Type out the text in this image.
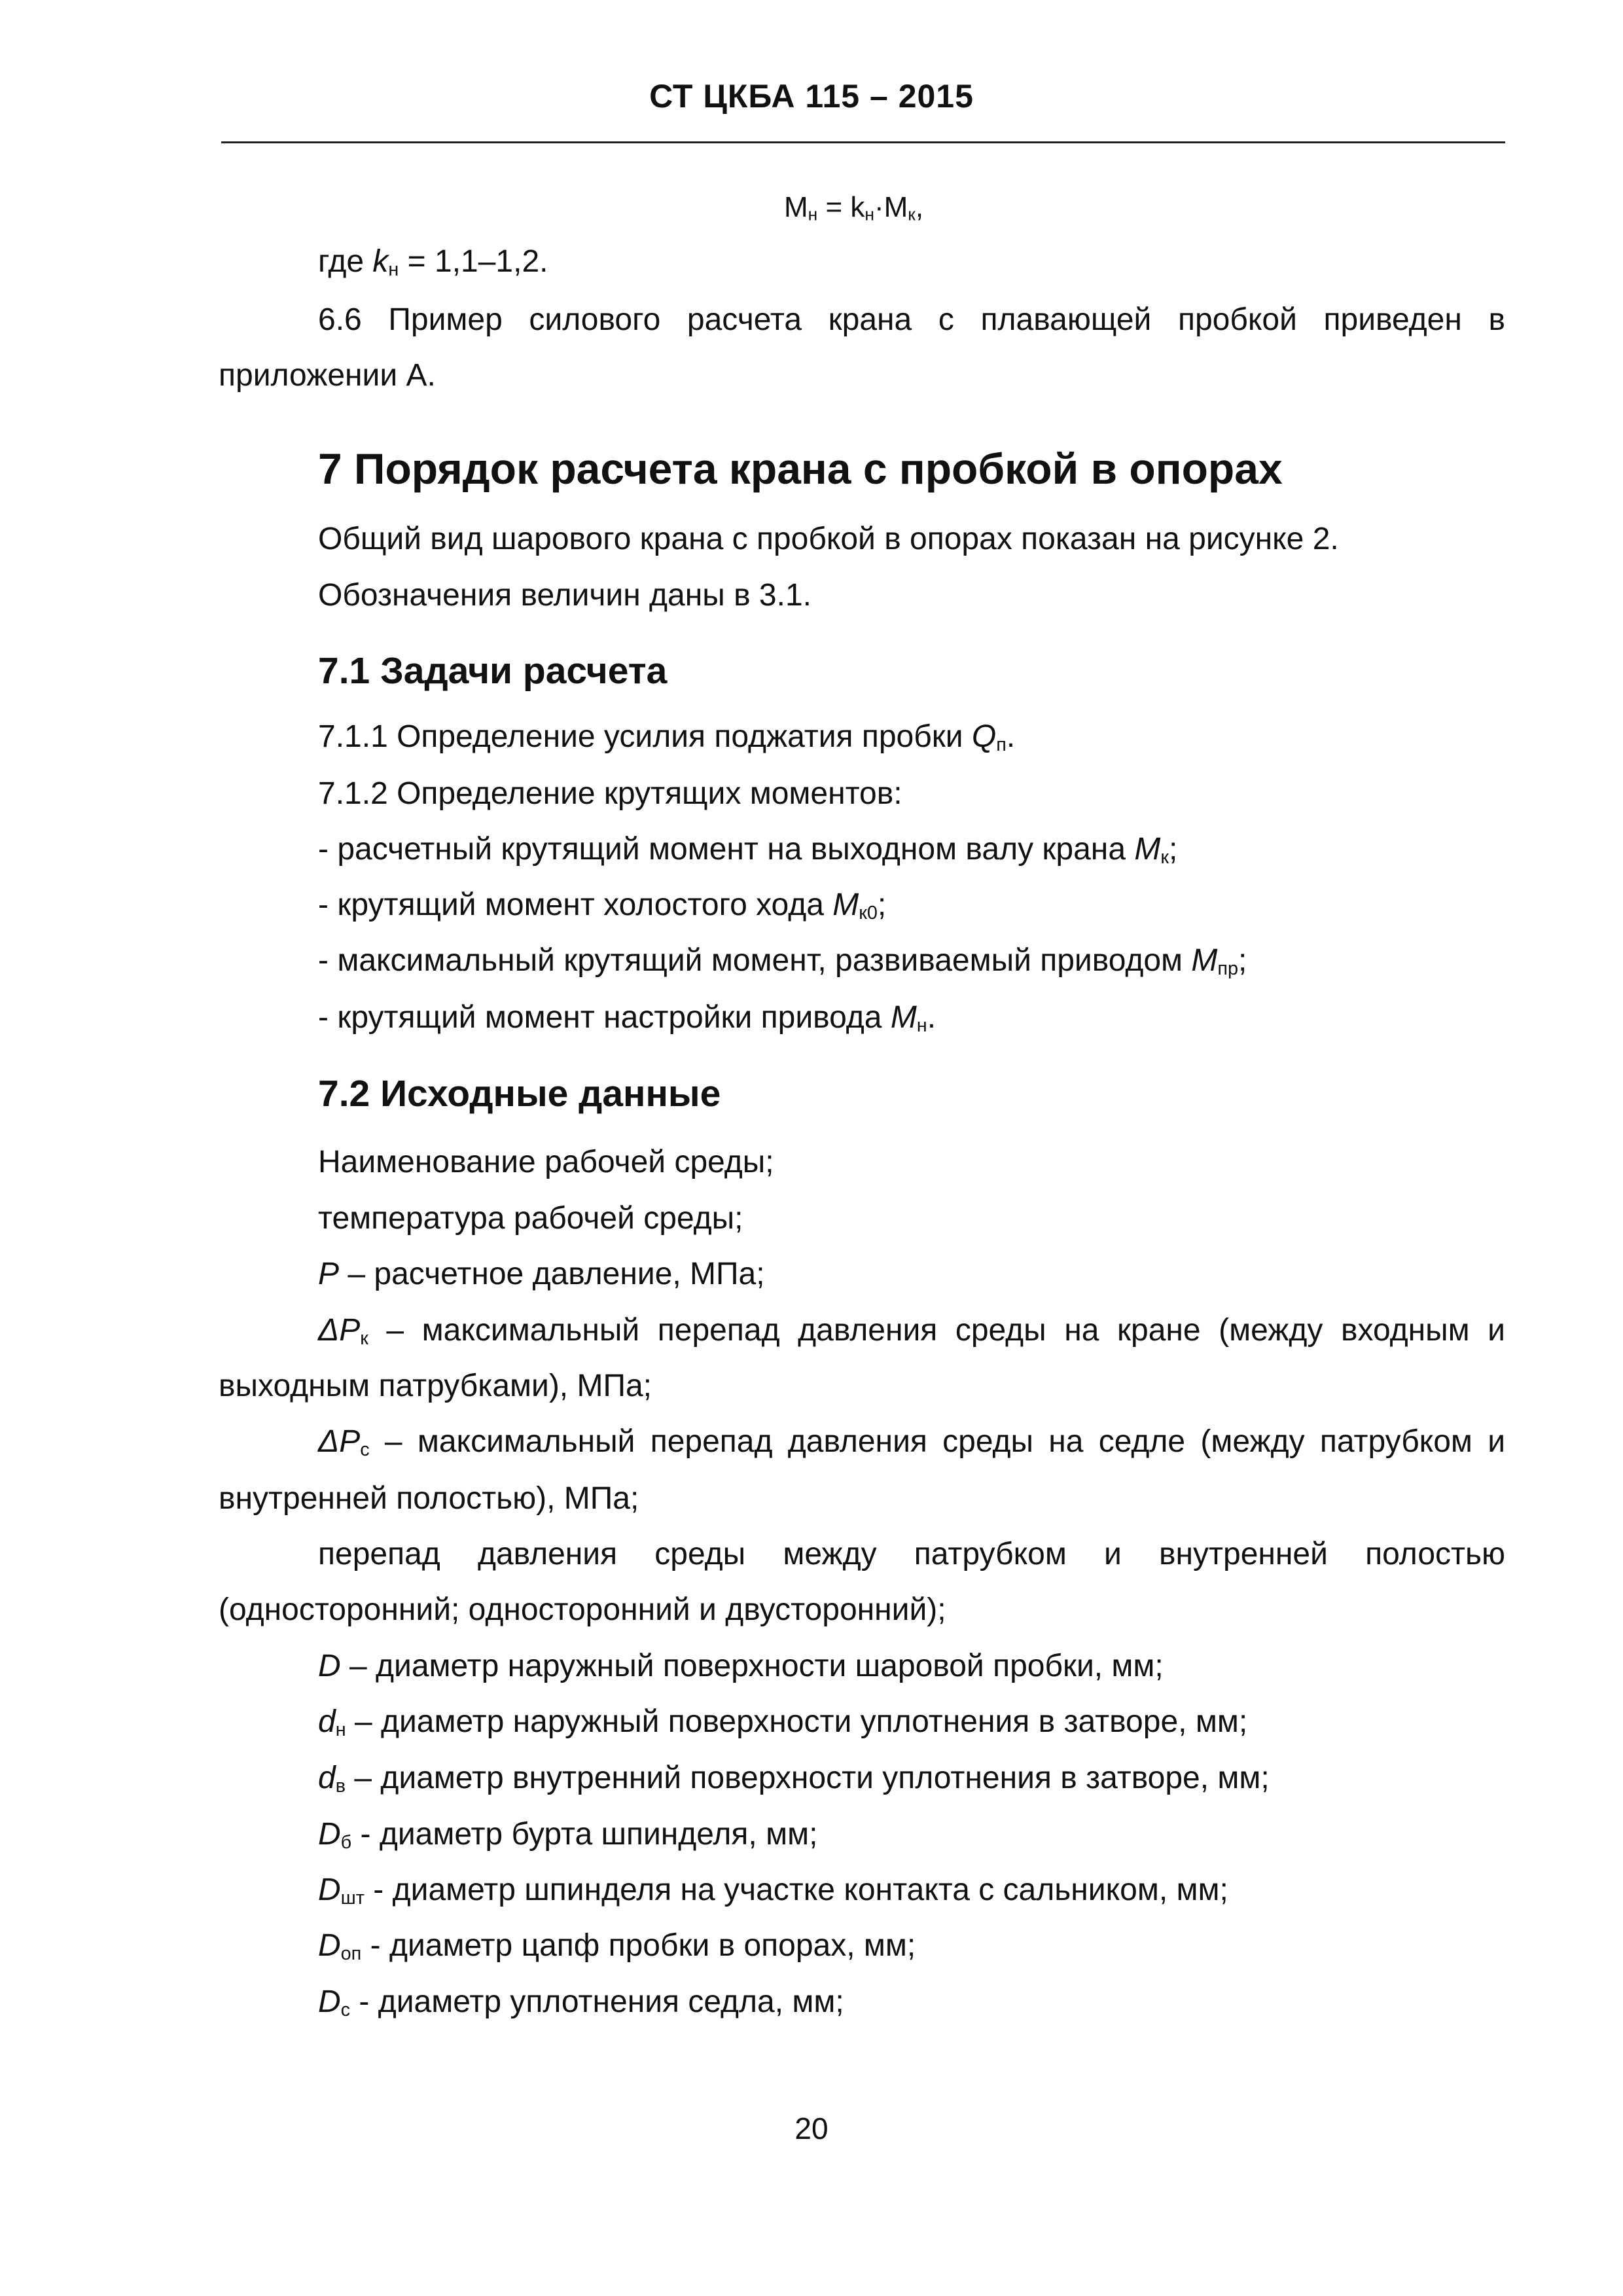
СТ ЦКБА 115 – 2015
$М_н = k_н\cdot М_к$,
где $k_н = 1,1-1,2$.
6.6 Пример силового расчета крана с плавающей пробкой приведен в
приложении А.
7 Порядок расчета крана с пробкой в опорах
Общий вид шарового крана с пробкой в опорах показан на рисунке 2.
Обозначения величин даны в 3.1.
7.1 Задачи расчета
7.1.1 Определение усилия поджатия пробки $Q_п$.
7.1.2 Определение крутящих моментов:
- расчетный крутящий момент на выходном валу крана $М_к$;
- крутящий момент холостого хода $М_{к0}$;
- максимальный крутящий момент, развиваемый приводом $М_{пр}$;
- крутящий момент настройки привода $М_н$.
7.2 Исходные данные
Наименование рабочей среды;
температура рабочей среды;
Р – расчетное давление, МПа;
$\Delta Р_к$ – максимальный перепад давления среды на кране (между входным и
выходным патрубками), МПа;
$\Delta Р_с$ – максимальный перепад давления среды на седле (между патрубком и
внутренней полостью), МПа;
перепад давления среды между патрубком и внутренней полостью
(односторонний; односторонний и двусторонний);
D – диаметр наружный поверхности шаровой пробки, мм;
$d_н$ – диаметр наружный поверхности уплотнения в затворе, мм;
$d_в$ – диаметр внутренний поверхности уплотнения в затворе, мм;
$D_б$ - диаметр бурта шпинделя, мм;
$D_{шт}$ - диаметр шпинделя на участке контакта с сальником, мм;
$D_{оп}$ - диаметр цапф пробки в опорах, мм;
$D_с$ - диаметр уплотнения седла, мм;
20
